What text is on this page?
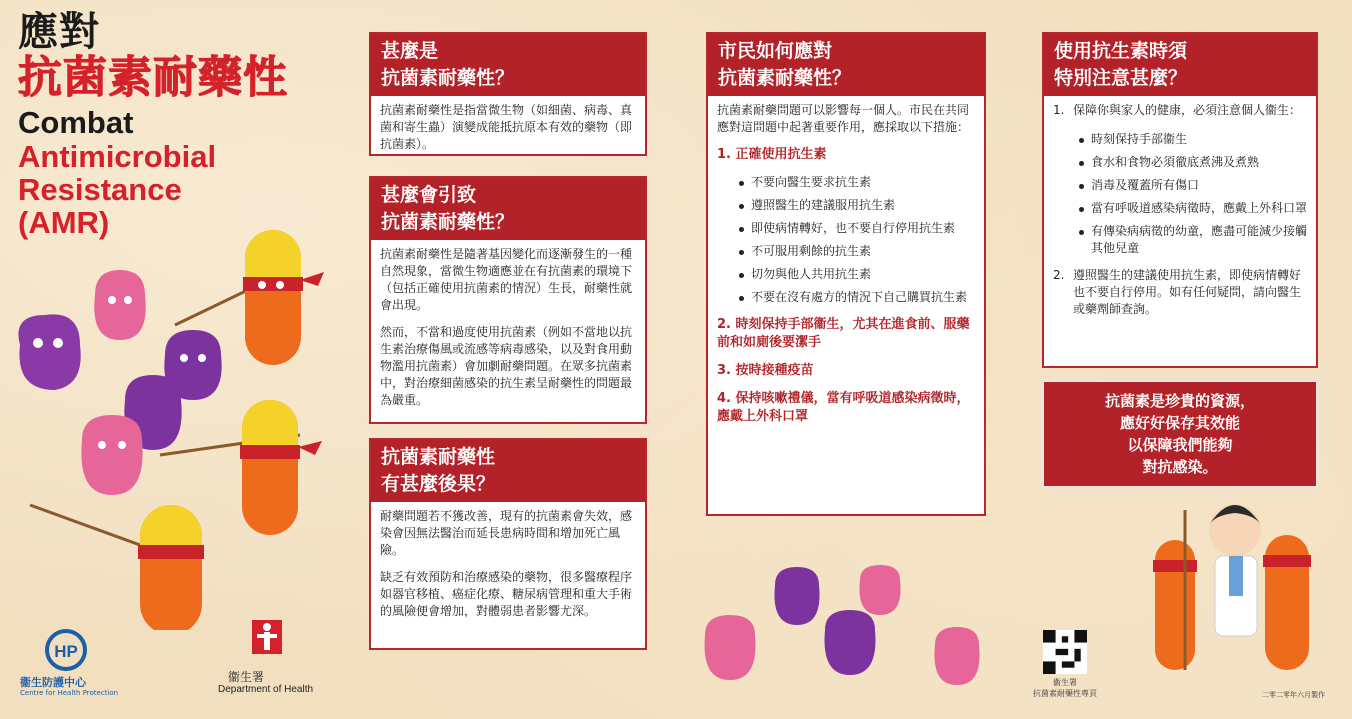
應對
抗菌素耐藥性
Combat
Antimicrobial
Resistance
(AMR)
甚麼是
抗菌素耐藥性？

抗菌素耐藥性是指當微生物（如細菌、病毒、真菌和寄生蟲）演變成能抵抗原本有效的藥物（即抗菌素）。

甚麼會引致
抗菌素耐藥性？

抗菌素耐藥性是隨著基因變化而逐漸發生的一種自然現象，當微生物適應並在有抗菌素的環境下（包括正確使用抗菌素的情況）生長，耐藥性就會出現。

然而，不當和過度使用抗菌素（例如不當地以抗生素治療傷風或流感等病毒感染，以及對食用動物濫用抗菌素）會加劇耐藥問題。在眾多抗菌素中，對治療細菌感染的抗生素呈耐藥性的問題最為嚴重。

抗菌素耐藥性
有甚麼後果？

耐藥問題若不獲改善，現有的抗菌素會失效，感染會因無法醫治而延長患病時間和增加死亡風險。

缺乏有效預防和治療感染的藥物，很多醫療程序如器官移植、癌症化療、糖尿病管理和重大手術的風險便會增加，對體弱患者影響尤深。

市民如何應對
抗菌素耐藥性？

抗菌素耐藥問題可以影響每一個人。市民在共同應對這問題中起著重要作用，應採取以下措施：

1. 正確使用抗生素
不要向醫生要求抗生素
遵照醫生的建議服用抗生素
即使病情轉好，也不要自行停用抗生素
不可服用剩餘的抗生素
切勿與他人共用抗生素
不要在沒有處方的情況下自己購買抗生素
2. 時刻保持手部衞生，尤其在進食前、服藥前和如廁後要潔手
3. 按時接種疫苗
4. 保持咳嗽禮儀，當有呼吸道感染病徵時，應戴上外科口罩
使用抗生素時須
特別注意甚麼？
1. 保障你與家人的健康，必須注意個人衞生：
時刻保持手部衞生
食水和食物必須徹底煮沸及煮熟
消毒及覆蓋所有傷口
當有呼吸道感染病徵時，應戴上外科口罩
有傳染病病徵的幼童，應盡可能減少接觸其他兒童
2. 遵照醫生的建議使用抗生素，即使病情轉好也不要自行停用。如有任何疑問，請向醫生或藥劑師查詢。
抗菌素是珍貴的資源，
應好好保存其效能
以保障我們能夠
對抗感染。
HP
衞生防護中心
Centre for Health Protection
衞生署
Department of Health
衞生署
抗菌素耐藥性專頁	二零二零年六月製作
